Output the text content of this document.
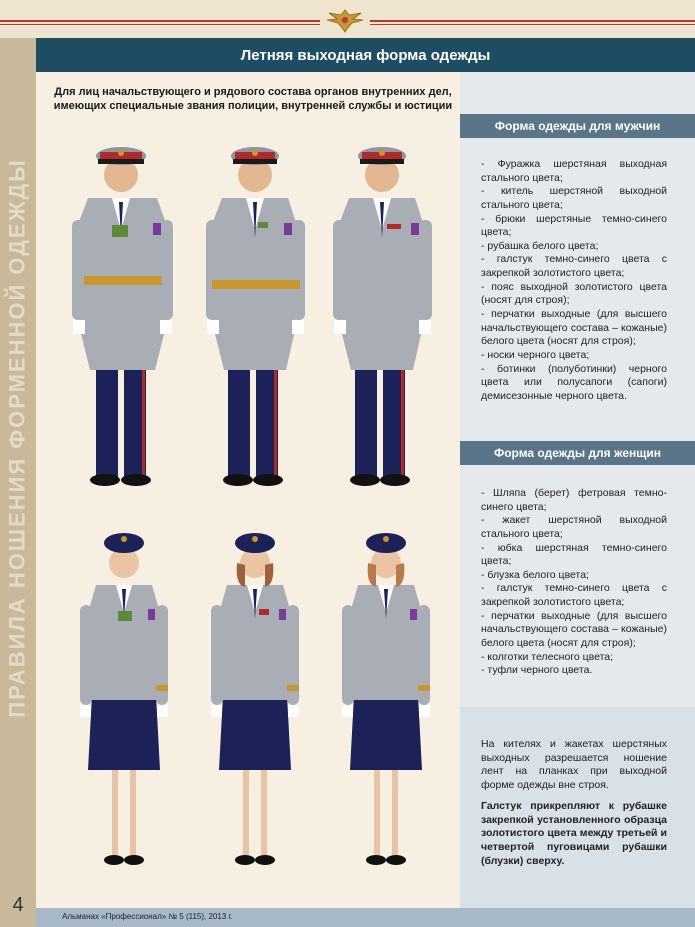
ПРАВИЛА НОШЕНИЯ ФОРМЕННОЙ ОДЕЖДЫ
Летняя выходная форма одежды
Для лиц начальствующего и рядового состава органов внутренних дел, имеющих специальные звания полиции, внутренней службы и юстиции
Форма одежды для мужчин
- Фуражка шерстяная выходная стального цвета;
- китель шерстяной выходной стального цвета;
- брюки шерстяные темно-синего цвета;
- рубашка белого цвета;
- галстук темно-синего цвета с закрепкой золотистого цвета;
- пояс выходной золотистого цвета (носят для строя);
- перчатки выходные (для высшего начальствующего состава – кожаные) белого цвета (носят для строя);
- носки черного цвета;
- ботинки (полуботинки) черного цвета или полусапоги (сапоги) демисезонные черного цвета.
Форма одежды для женщин
- Шляпа (берет) фетровая темно-синего цвета;
- жакет шерстяной выходной стального цвета;
- юбка шерстяная темно-синего цвета;
- блузка белого цвета;
- галстук темно-синего цвета с закрепкой золотистого цвета;
- перчатки выходные (для высшего начальствующего состава – кожаные) белого цвета (носят для строя);
- колготки телесного цвета;
- туфли черного цвета.
На кителях и жакетах шерстяных выходных разрешается ношение лент на планках при выходной форме одежды вне строя.
Галстук прикрепляют к рубашке закрепкой установленного образца золотистого цвета между третьей и четвертой пуговицами рубашки (блузки) сверху.
4
Альманах «Профессионал» № 5 (115), 2013 г.
